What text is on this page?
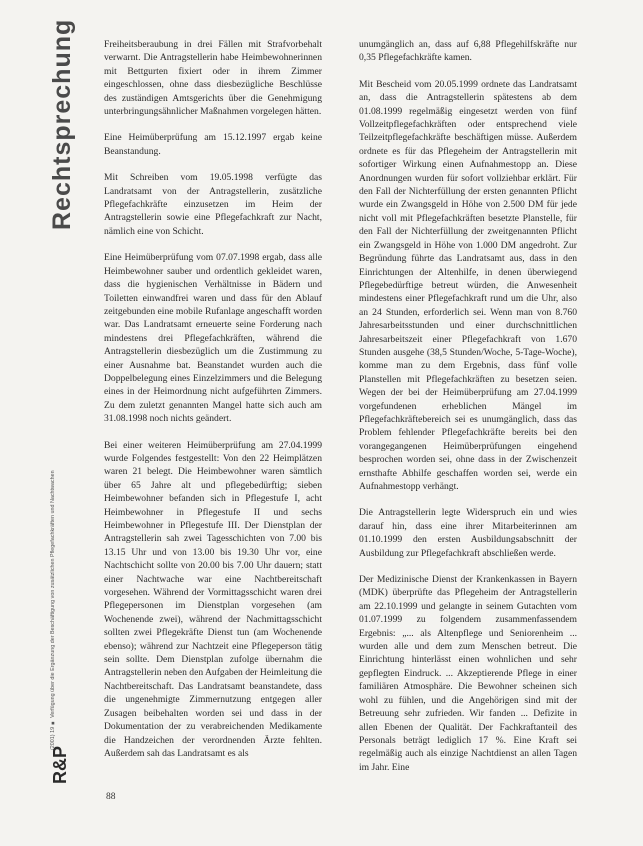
Rechtsprechung
(2001) 19 ■ Verfügung über die Ergänzung der Beschäftigung von zusätzlichen Pflegefachkräften und Nachtwachen
R&P

Freiheitsberaubung in drei Fällen mit Strafvorbehalt verwarnt. Die Antragstellerin habe Heimbewohnerinnen mit Bettgurten fixiert oder in ihrem Zimmer eingeschlossen, ohne dass diesbezügliche Beschlüsse des zuständigen Amtsgerichts über die Genehmigung unterbringungsähnlicher Maßnahmen vorgelegen hätten.

Eine Heimüberprüfung am 15.12.1997 ergab keine Beanstandung.

Mit Schreiben vom 19.05.1998 verfügte das Landratsamt von der Antragstellerin, zusätzliche Pflegefachkräfte einzusetzen im Heim der Antragstellerin sowie eine Pflegefachkraft zur Nacht, nämlich eine von Schicht.

Eine Heimüberprüfung vom 07.07.1998 ergab, dass alle Heimbewohner sauber und ordentlich gekleidet waren, dass die hygienischen Verhältnisse in Bädern und Toiletten einwandfrei waren und dass für den Ablauf zeitgebunden eine mobile Rufanlage angeschafft worden war. Das Landratsamt erneuerte seine Forderung nach mindestens drei Pflegefachkräften, während die Antragstellerin diesbezüglich um die Zustimmung zu einer Ausnahme bat. Beanstandet wurden auch die Doppelbelegung eines Einzelzimmers und die Belegung eines in der Heimordnung nicht aufgeführten Zimmers. Zu dem zuletzt genannten Mangel hatte sich auch am 31.08.1998 noch nichts geändert.

Bei einer weiteren Heimüberprüfung am 27.04.1999 wurde Folgendes festgestellt: Von den 22 Heimplätzen waren 21 belegt. Die Heimbewohner waren sämtlich über 65 Jahre alt und pflegebedürftig; sieben Heimbewohner befanden sich in Pflegestufe I, acht Heimbewohner in Pflegestufe II und sechs Heimbewohner in Pflegestufe III. Der Dienstplan der Antragstellerin sah zwei Tagesschichten von 7.00 bis 13.15 Uhr und von 13.00 bis 19.30 Uhr vor, eine Nachtschicht sollte von 20.00 bis 7.00 Uhr dauern; statt einer Nachtwache war eine Nachtbereitschaft vorgesehen. Während der Vormittagsschicht waren drei Pflegepersonen im Dienstplan vorgesehen (am Wochenende zwei), während der Nachmittagsschicht sollten zwei Pflegekräfte Dienst tun (am Wochenende ebenso); während zur Nachtzeit eine Pflegeperson tätig sein sollte. Dem Dienstplan zufolge übernahm die Antragstellerin neben den Aufgaben der Heimleitung die Nachtbereitschaft. Das Landratsamt beanstandete, dass die ungenehmigte Zimmernutzung entgegen aller Zusagen beibehalten worden sei und dass in der Dokumentation der zu verabreichenden Medikamente die Handzeichen der verordnenden Ärzte fehlten. Außerdem sah das Landratsamt es als

unumgänglich an, dass auf 6,88 Pflegehilfskräfte nur 0,35 Pflegefachkräfte kamen.

Mit Bescheid vom 20.05.1999 ordnete das Landratsamt an, dass die Antragstellerin spätestens ab dem 01.08.1999 regelmäßig eingesetzt werden von fünf Vollzeitpflegefachkräften oder entsprechend viele Teilzeitpflegefachkräfte beschäftigen müsse. Außerdem ordnete es für das Pflegeheim der Antragstellerin mit sofortiger Wirkung einen Aufnahmestopp an. Diese Anordnungen wurden für sofort vollziehbar erklärt. Für den Fall der Nichterfüllung der ersten genannten Pflicht wurde ein Zwangsgeld in Höhe von 2.500 DM für jede nicht voll mit Pflegefachkräften besetzte Planstelle, für den Fall der Nichterfüllung der zweitgenannten Pflicht ein Zwangsgeld in Höhe von 1.000 DM angedroht. Zur Begründung führte das Landratsamt aus, dass in den Einrichtungen der Altenhilfe, in denen überwiegend Pflegebedürftige betreut würden, die Anwesenheit mindestens einer Pflegefachkraft rund um die Uhr, also an 24 Stunden, erforderlich sei. Wenn man von 8.760 Jahresarbeitsstunden und einer durchschnittlichen Jahresarbeitszeit einer Pflegefachkraft von 1.670 Stunden ausgehe (38,5 Stunden/Woche, 5-Tage-Woche), komme man zu dem Ergebnis, dass fünf volle Planstellen mit Pflegefachkräften zu besetzen seien. Wegen der bei der Heimüberprüfung am 27.04.1999 vorgefundenen erheblichen Mängel im Pflegefachkräftebereich sei es unumgänglich, dass das Problem fehlender Pflegefachkräfte bereits bei den vorangegangenen Heimüberprüfungen eingehend besprochen worden sei, ohne dass in der Zwischenzeit ernsthafte Abhilfe geschaffen worden sei, werde ein Aufnahmestopp verhängt.

Die Antragstellerin legte Widerspruch ein und wies darauf hin, dass eine ihrer Mitarbeiterinnen am 01.10.1999 den ersten Ausbildungsabschnitt der Ausbildung zur Pflegefachkraft abschließen werde.

Der Medizinische Dienst der Krankenkassen in Bayern (MDK) überprüfte das Pflegeheim der Antragstellerin am 22.10.1999 und gelangte in seinem Gutachten vom 01.07.1999 zu folgendem zusammenfassendem Ergebnis: „... als Altenpflege und Seniorenheim ... wurden alle und dem zum Menschen betreut. Die Einrichtung hinterlässt einen wohnlichen und sehr gepflegten Eindruck. ... Akzeptierende Pflege in einer familiären Atmosphäre. Die Bewohner scheinen sich wohl zu fühlen, und die Angehörigen sind mit der Betreuung sehr zufrieden. Wir fanden ... Defizite in allen Ebenen der Qualität. Der Fachkraftanteil des Personals beträgt lediglich 17 %. Eine Kraft sei regelmäßig auch als einzige Nachtdienst an allen Tagen im Jahr. Eine

88
